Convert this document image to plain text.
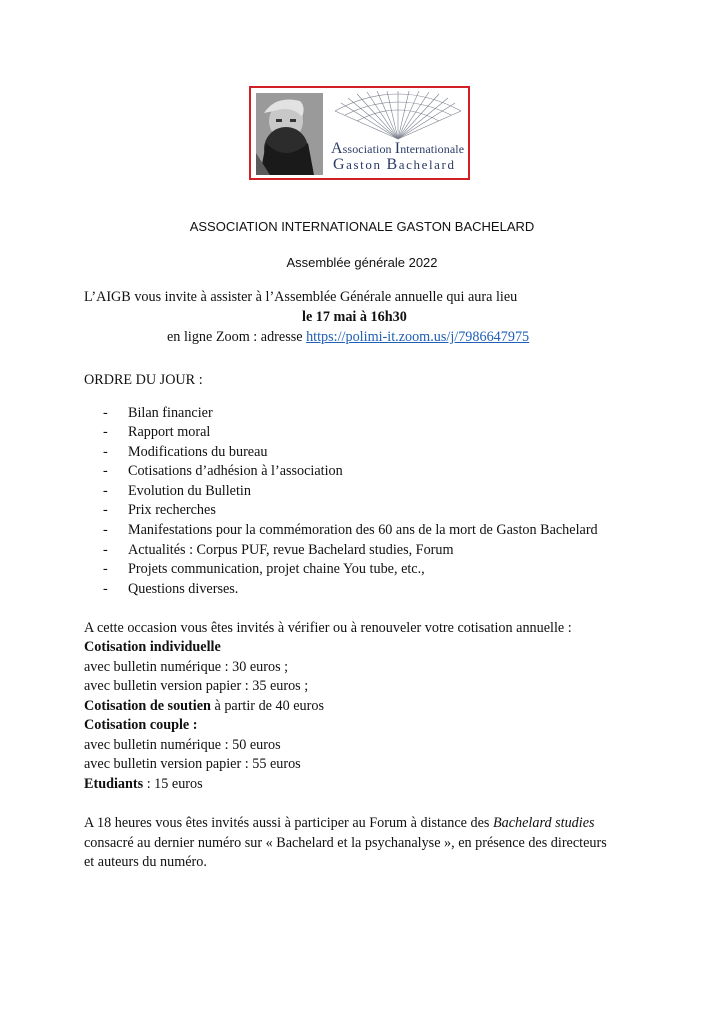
Association Internationale
Gaston Bachelard
ASSOCIATION INTERNATIONALE GASTON BACHELARD
Assemblée générale 2022
L’AIGB vous invite à assister à l’Assemblée Générale annuelle qui aura lieu
le 17 mai à 16h30
en ligne Zoom : adresse https://polimi-it.zoom.us/j/7986647975
ORDRE DU JOUR :
-	Bilan financier
-	Rapport moral
-	Modifications du bureau
-	Cotisations d’adhésion à l’association
-	Evolution du Bulletin
-	Prix recherches
-	Manifestations pour la commémoration des 60 ans de la mort de Gaston Bachelard
-	Actualités : Corpus PUF, revue Bachelard studies, Forum
-	Projets communication, projet chaine You tube, etc.,
-	Questions diverses.
A cette occasion vous êtes invités à vérifier ou à renouveler votre cotisation annuelle :
Cotisation individuelle
avec bulletin numérique : 30 euros ;
avec bulletin version papier : 35 euros ;
Cotisation de soutien à partir de 40 euros
Cotisation couple :
avec bulletin numérique : 50 euros
avec bulletin version papier : 55 euros
Etudiants : 15 euros
A 18 heures vous êtes invités aussi à participer au Forum à distance des Bachelard studies
consacré au dernier numéro sur « Bachelard et la psychanalyse », en présence des directeurs
et auteurs du numéro.
